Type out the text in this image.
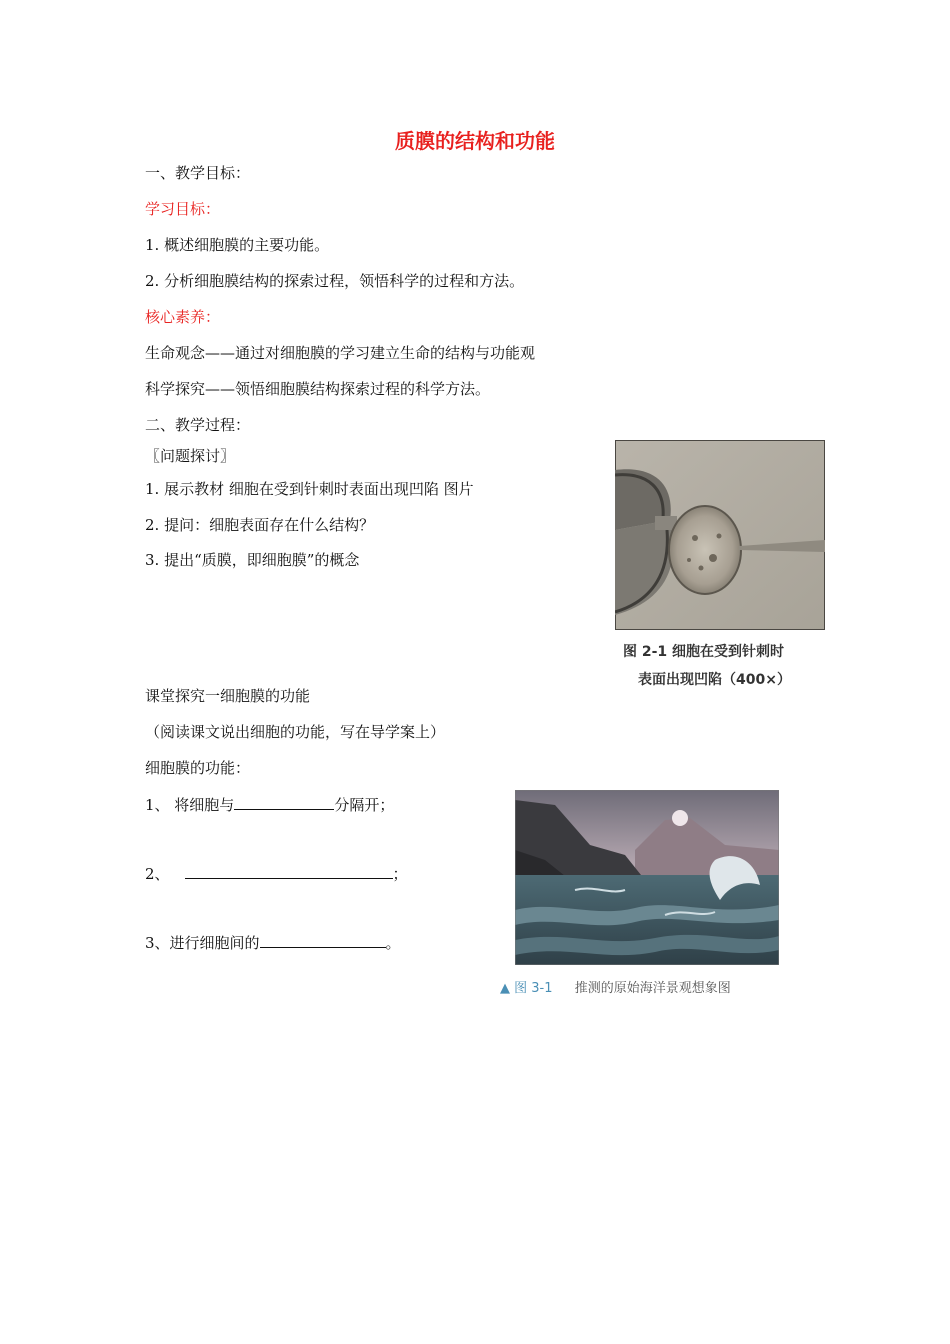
质膜的结构和功能
一、教学目标：
学习目标：
1. 概述细胞膜的主要功能。
2. 分析细胞膜结构的探索过程，领悟科学的过程和方法。
核心素养：
生命观念——通过对细胞膜的学习建立生命的结构与功能观
科学探究——领悟细胞膜结构探索过程的科学方法。
二、教学过程：
〖问题探讨〗
1. 展示教材 细胞在受到针刺时表面出现凹陷 图片
2. 提问：细胞表面存在什么结构？
3. 提出“质膜，即细胞膜”的概念
课堂探究一细胞膜的功能
（阅读课文说出细胞的功能，写在导学案上）
细胞膜的功能：
1、 将细胞与	分隔开；
2、	；
3、进行细胞间的	。
图 2-1 细胞在受到针刺时
表面出现凹陷（400×）
▲ 图 3-1 推测的原始海洋景观想象图
